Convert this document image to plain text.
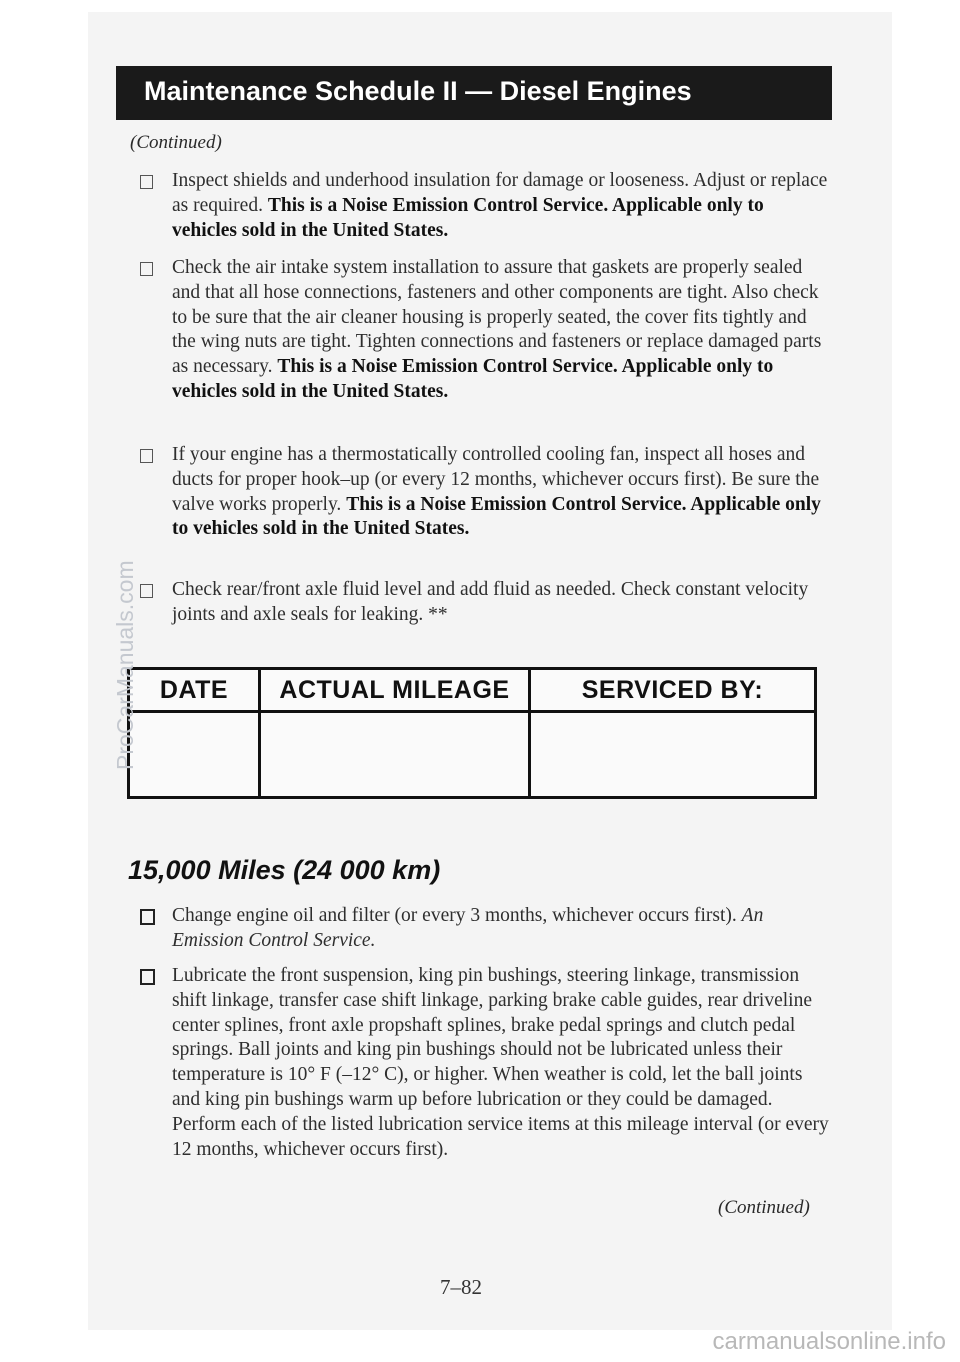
Maintenance Schedule II — Diesel Engines
(Continued)
Inspect shields and underhood insulation for damage or looseness. Adjust or replace as required. This is a Noise Emission Control Service. Applicable only to vehicles sold in the United States.
Check the air intake system installation to assure that gaskets are properly sealed and that all hose connections, fasteners and other components are tight. Also check to be sure that the air cleaner housing is properly seated, the cover fits tightly and the wing nuts are tight. Tighten connections and fasteners or replace damaged parts as necessary. This is a Noise Emission Control Service. Applicable only to vehicles sold in the United States.
If your engine has a thermostatically controlled cooling fan, inspect all hoses and ducts for proper hook–up (or every 12 months, whichever occurs first). Be sure the valve works properly. This is a Noise Emission Control Service. Applicable only to vehicles sold in the United States.
Check rear/front axle fluid level and add fluid as needed. Check constant velocity joints and axle seals for leaking. **
DATE	ACTUAL MILEAGE	SERVICED BY:
15,000 Miles (24 000 km)
Change engine oil and filter (or every 3 months, whichever occurs first). An Emission Control Service.
Lubricate the front suspension, king pin bushings, steering linkage, transmission shift linkage, transfer case shift linkage, parking brake cable guides, rear driveline center splines, front axle propshaft splines, brake pedal springs and clutch pedal springs. Ball joints and king pin bushings should not be lubricated unless their temperature is 10° F (–12° C), or higher. When weather is cold, let the ball joints and king pin bushings warm up before lubrication or they could be damaged. Perform each of the listed lubrication service items at this mileage interval (or every 12 months, whichever occurs first).
(Continued)
7–82
ProCarManuals.com
carmanualsonline.info
